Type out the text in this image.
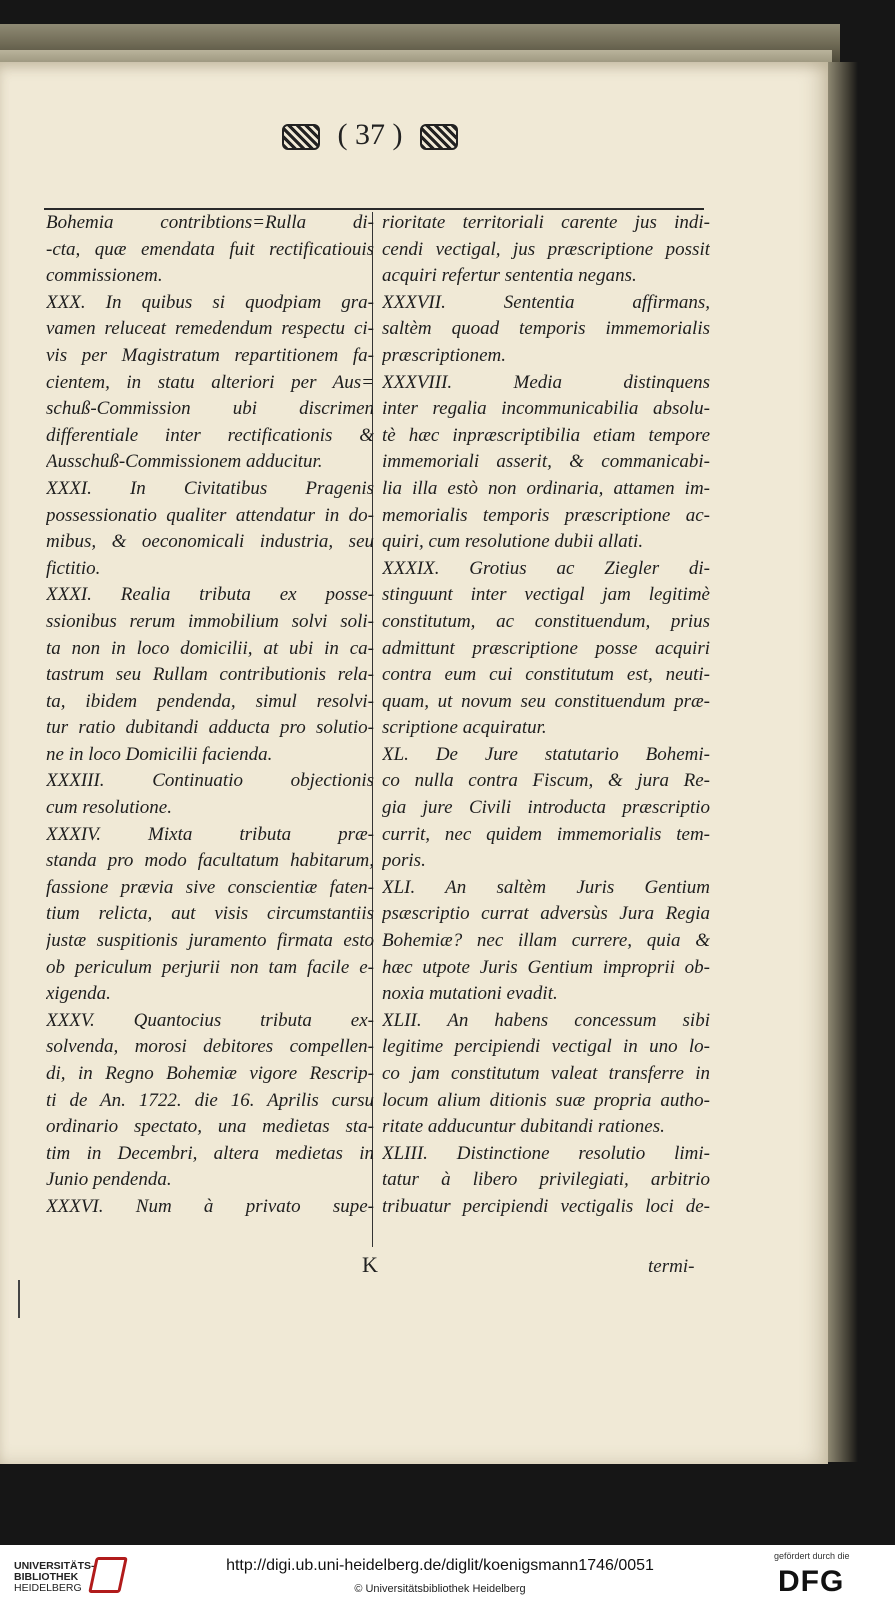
( 37 )
Bohemia contribtions=Rulla di-
-cta, quæ emendata fuit rectificatiouis
commissionem.
XXX. In quibus si quodpiam gra-
vamen reluceat remedendum respectu ci-
vis per Magistratum repartitionem fa-
cientem, in statu alteriori per Aus=
schuß-Commission ubi discrimen
differentiale inter rectificationis &
Ausschuß-Commissionem adducitur.
XXXI. In Civitatibus Pragenis
possessionatio qualiter attendatur in do-
mibus, & oeconomicali industria, seu
fictitio.
XXXI. Realia tributa ex posse-
ssionibus rerum immobilium solvi soli-
ta non in loco domicilii, at ubi in ca-
tastrum seu Rullam contributionis rela-
ta, ibidem pendenda, simul resolvi-
tur ratio dubitandi adducta pro solutio-
ne in loco Domicilii facienda.
XXXIII. Continuatio objectionis
cum resolutione.
XXXIV. Mixta tributa præ-
standa pro modo facultatum habitarum,
fassione prævia sive conscientiæ faten-
tium relicta, aut visis circumstantiis
justæ suspitionis juramento firmata esto
ob periculum perjurii non tam facile e-
xigenda.
XXXV. Quantocius tributa ex-
solvenda, morosi debitores compellen-
di, in Regno Bohemiæ vigore Rescrip-
ti de An. 1722. die 16. Aprilis cursu
ordinario spectato, una medietas sta-
tim in Decembri, altera medietas in
Junio pendenda.
XXXVI. Num à privato supe-
rioritate territoriali carente jus indi-
cendi vectigal, jus præscriptione possit
acquiri refertur sententia negans.
XXXVII. Sententia affirmans,
saltèm quoad temporis immemorialis
præscriptionem.
XXXVIII. Media distinquens
inter regalia incommunicabilia absolu-
tè hæc inpræscriptibilia etiam tempore
immemoriali asserit, & commanicabi-
lia illa estò non ordinaria, attamen im-
memorialis temporis præscriptione ac-
quiri, cum resolutione dubii allati.
XXXIX. Grotius ac Ziegler di-
stinguunt inter vectigal jam legitimè
constitutum, ac constituendum, prius
admittunt præscriptione posse acquiri
contra eum cui constitutum est, neuti-
quam, ut novum seu constituendum præ-
scriptione acquiratur.
XL. De Jure statutario Bohemi-
co nulla contra Fiscum, & jura Re-
gia jure Civili introducta præscriptio
currit, nec quidem immemorialis tem-
poris.
XLI. An saltèm Juris Gentium
psæscriptio currat adversùs Jura Regia
Bohemiæ? nec illam currere, quia &
hæc utpote Juris Gentium improprii ob-
noxia mutationi evadit.
XLII. An habens concessum sibi
legitime percipiendi vectigal in uno lo-
co jam constitutum valeat transferre in
locum alium ditionis suæ propria autho-
ritate adducuntur dubitandi rationes.
XLIII. Distinctione resolutio limi-
tatur à libero privilegiati, arbitrio
tribuatur percipiendi vectigalis loci de-
K	termi-
UNIVERSITÄTS-
BIBLIOTHEK
HEIDELBERG
http://digi.ub.uni-heidelberg.de/diglit/koenigsmann1746/0051
© Universitätsbibliothek Heidelberg
gefördert durch die
DFG
